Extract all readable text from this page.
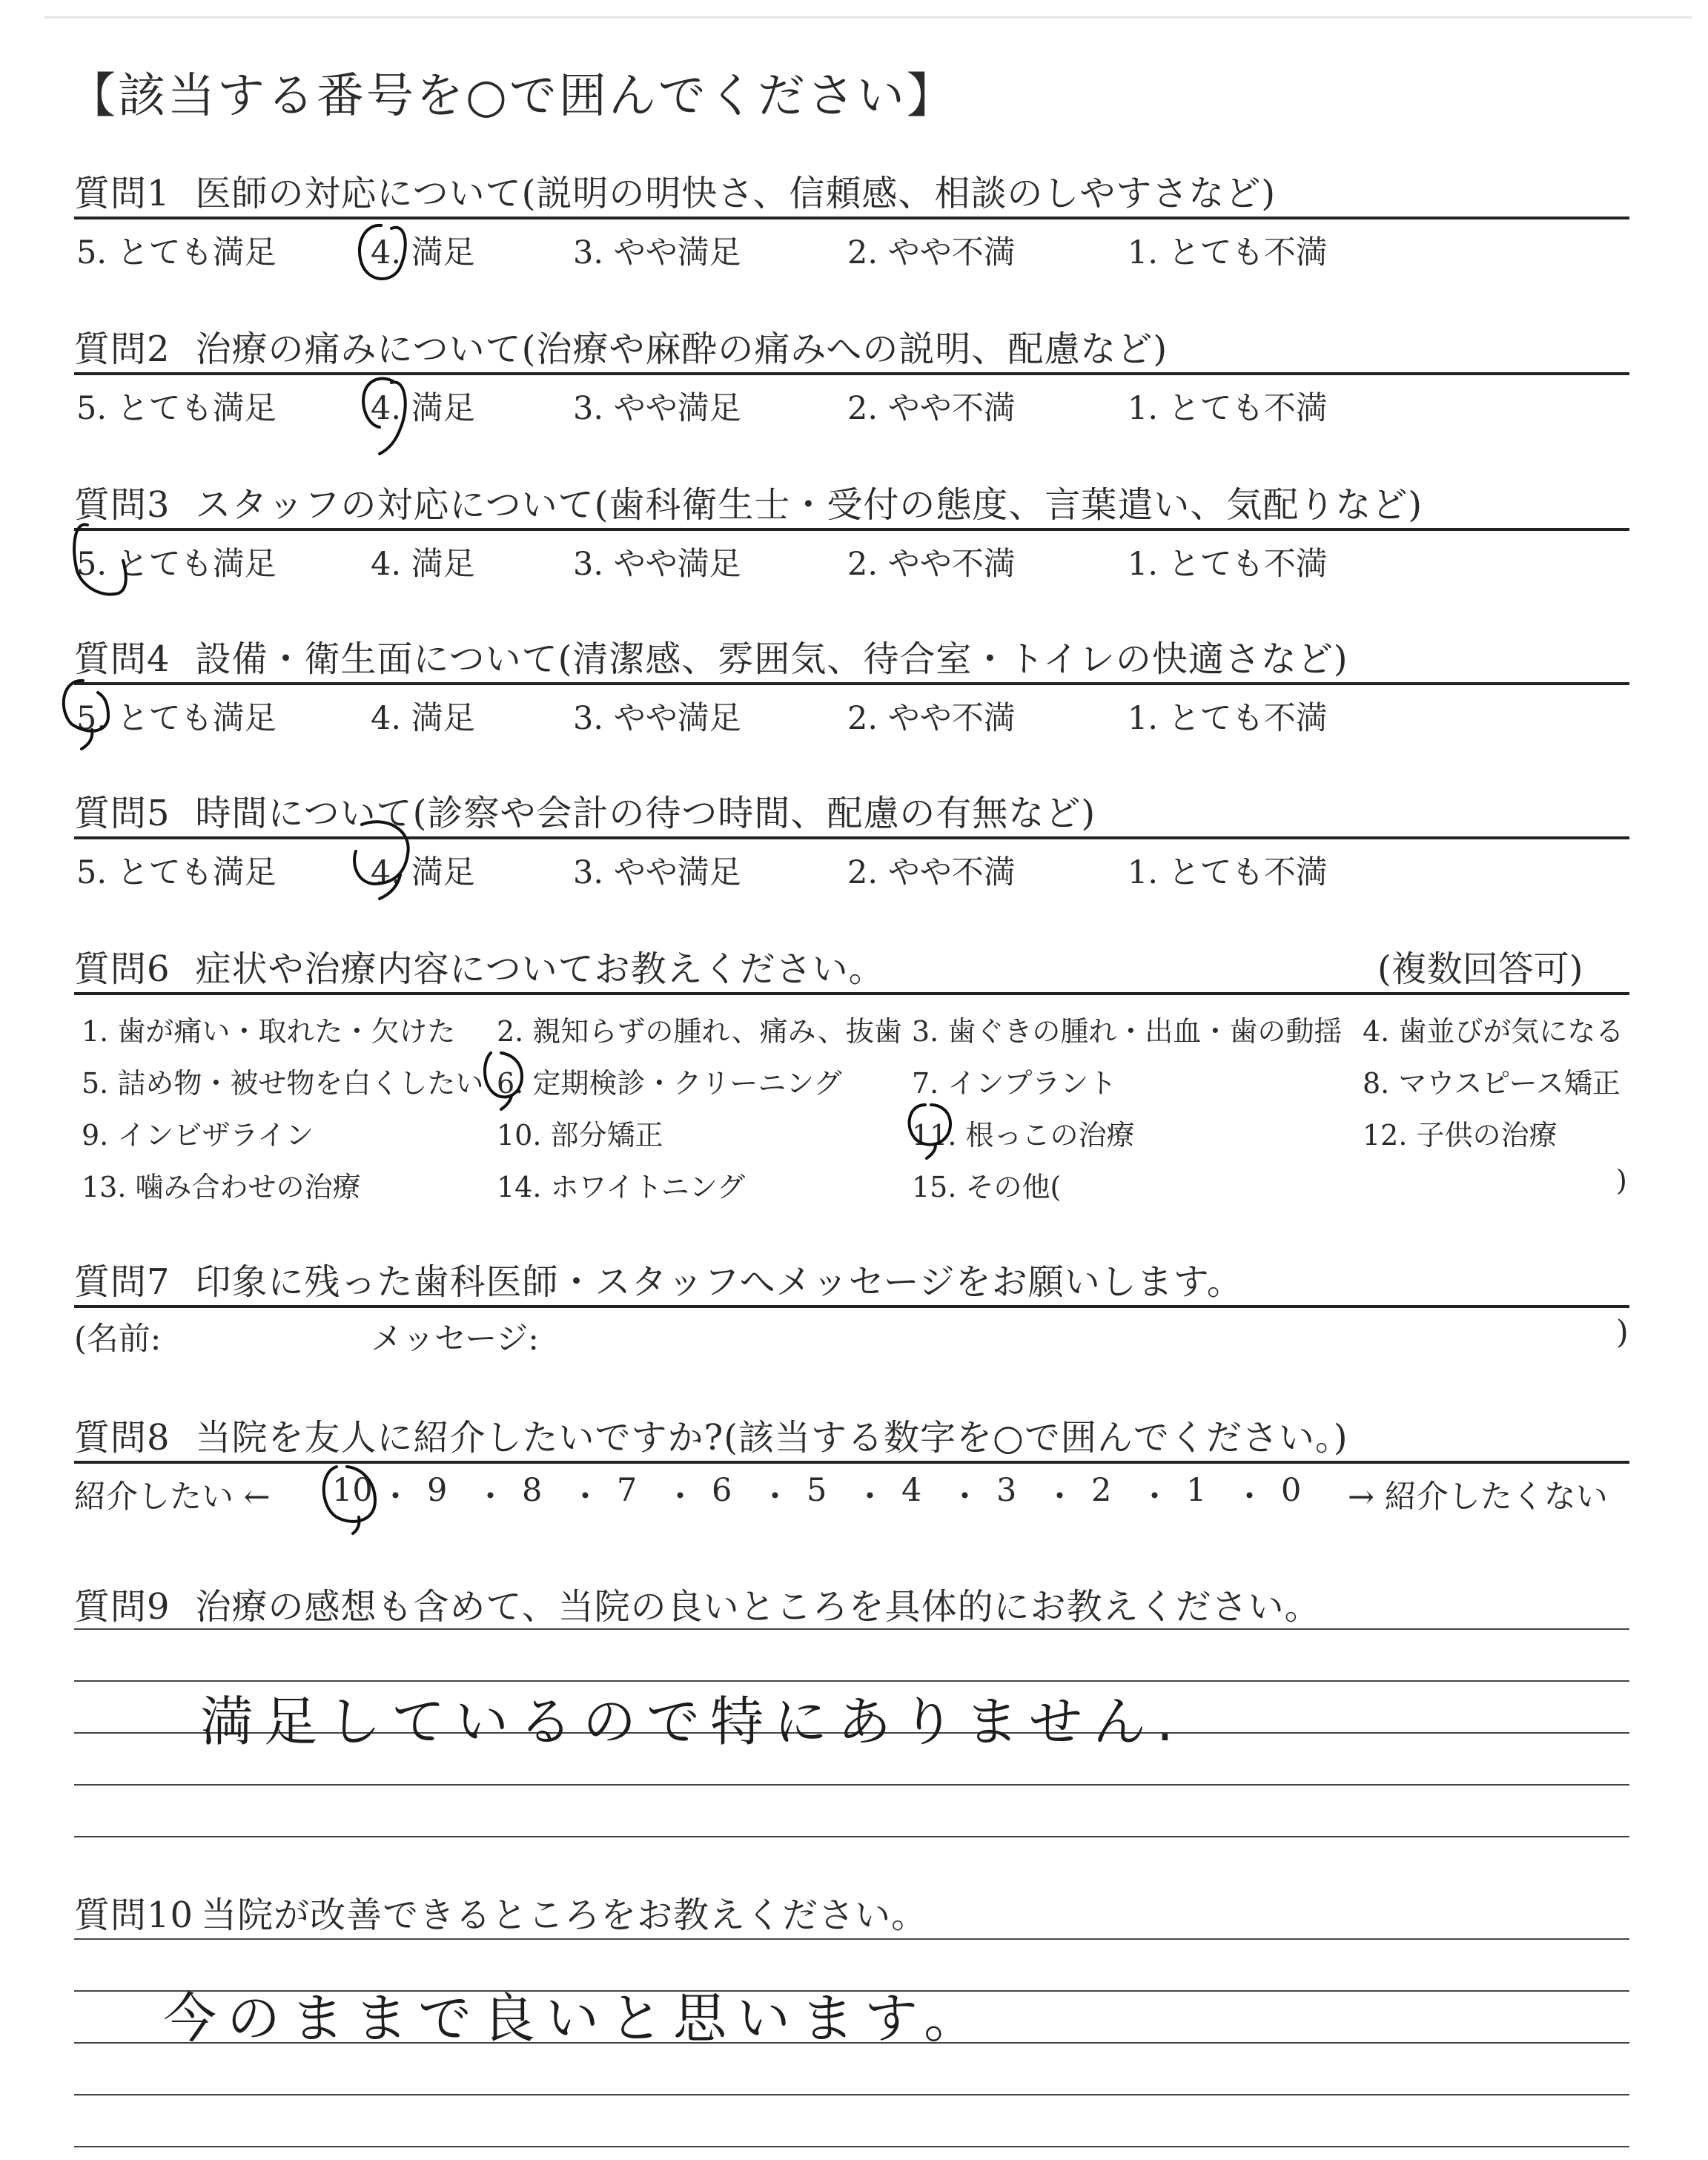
【該当する番号を○で囲んでください】
質問1 医師の対応について(説明の明快さ、信頼感、相談のしやすさなど)
5. とても満足	4. 満足	3. やや満足	2. やや不満	1. とても不満
質問2 治療の痛みについて(治療や麻酔の痛みへの説明、配慮など)
5. とても満足	4. 満足	3. やや満足	2. やや不満	1. とても不満
質問3 スタッフの対応について(歯科衛生士・受付の態度、言葉遣い、気配りなど)
5. とても満足	4. 満足	3. やや満足	2. やや不満	1. とても不満
質問4 設備・衛生面について(清潔感、雰囲気、待合室・トイレの快適さなど)
5. とても満足	4. 満足	3. やや満足	2. やや不満	1. とても不満
質問5 時間について(診察や会計の待つ時間、配慮の有無など)
5. とても満足	4. 満足	3. やや満足	2. やや不満	1. とても不満
質問6 症状や治療内容についてお教えください。	(複数回答可)
1. 歯が痛い・取れた・欠けた 2. 親知らずの腫れ、痛み、抜歯 3. 歯ぐきの腫れ・出血・歯の動揺 4. 歯並びが気になる
5. 詰め物・被せ物を白くしたい 6. 定期検診・クリーニング 7. インプラント	8. マウスピース矯正
9. インビザライン	10. 部分矯正	11. 根っこの治療	12. 子供の治療
13. 噛み合わせの治療	14. ホワイトニング	15. その他(	)
質問7 印象に残った歯科医師・スタッフへメッセージをお願いします。
(名前:	メッセージ:	)
質問8 当院を友人に紹介したいですか?(該当する数字を○で囲んでください。)
紹介したい ←	→ 紹介したくない
10 ・ 9 ・ 8 ・ 7 ・ 6 ・ 5 ・ 4 ・ 3 ・ 2 ・ 1 ・ 0
質問9 治療の感想も含めて、当院の良いところを具体的にお教えください。
満足しているので特にありません.
質問10 当院が改善できるところをお教えください。
今のままで良いと思います。
